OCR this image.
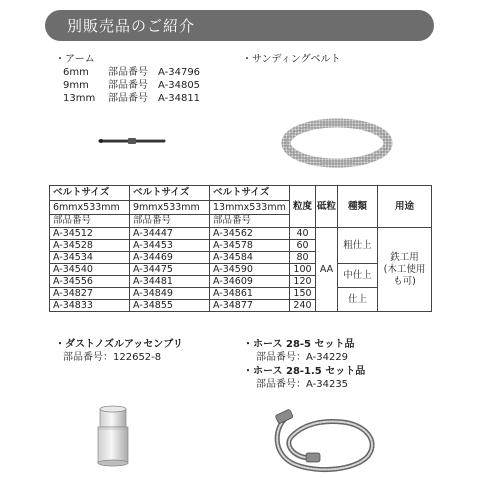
別販売品のご紹介
・アーム
6mm 部品番号 A-34796
9mm 部品番号 A-34805
13mm 部品番号 A-34811
・サンディングベルト
ベルトサイズ	ベルトサイズ	ベルトサイズ	粒度	砥粒	種類	用途
6mmx533mm	9mmx533mm	13mmx533mm				
部品番号	部品番号	部品番号				
A-34512	A-34447	A-34562	40	AA	粗仕上	鉄工用
(木工使用
も可)
A-34528	A-34453	A-34578	60			
A-34534	A-34469	A-34584	80			
A-34540	A-34475	A-34590	100		中仕上	
A-34556	A-34481	A-34609	120			
A-34827	A-34849	A-34861	150		仕上	
A-34833	A-34855	A-34877	240			
・ダストノズルアッセンブリ
部品番号：122652-8
・ホース 28-5 セット品
部品番号：A-34229
・ホース 28-1.5 セット品
部品番号：A-34235
